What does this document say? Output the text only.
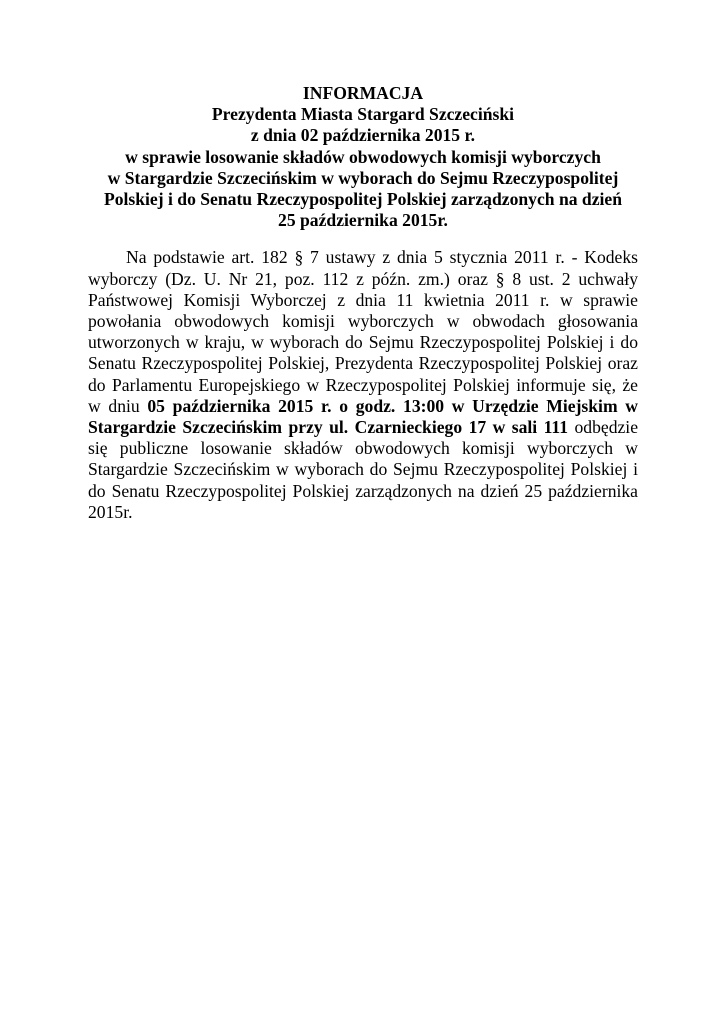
INFORMACJA
Prezydenta Miasta Stargard Szczeciński
z dnia 02 października 2015 r.
w sprawie losowanie składów obwodowych komisji wyborczych
w Stargardzie Szczecińskim w wyborach do Sejmu Rzeczypospolitej
Polskiej i do Senatu Rzeczypospolitej Polskiej zarządzonych na dzień
25 października 2015r.

Na podstawie art. 182 § 7 ustawy z dnia 5 stycznia 2011 r. - Kodeks wyborczy (Dz. U. Nr 21, poz. 112 z późn. zm.) oraz § 8 ust. 2 uchwały Państwowej Komisji Wyborczej z dnia 11 kwietnia 2011 r. w sprawie powołania obwodowych komisji wyborczych w obwodach głosowania utworzonych w kraju, w wyborach do Sejmu Rzeczypospolitej Polskiej i do Senatu Rzeczypospolitej Polskiej, Prezydenta Rzeczypospolitej Polskiej oraz do Parlamentu Europejskiego w Rzeczypospolitej Polskiej informuje się, że w dniu 05 października 2015 r. o godz. 13:00 w Urzędzie Miejskim w Stargardzie Szczecińskim przy ul. Czarnieckiego 17 w sali 111 odbędzie się publiczne losowanie składów obwodowych komisji wyborczych w Stargardzie Szczecińskim w wyborach do Sejmu Rzeczypospolitej Polskiej i do Senatu Rzeczypospolitej Polskiej zarządzonych na dzień 25 października 2015r.
